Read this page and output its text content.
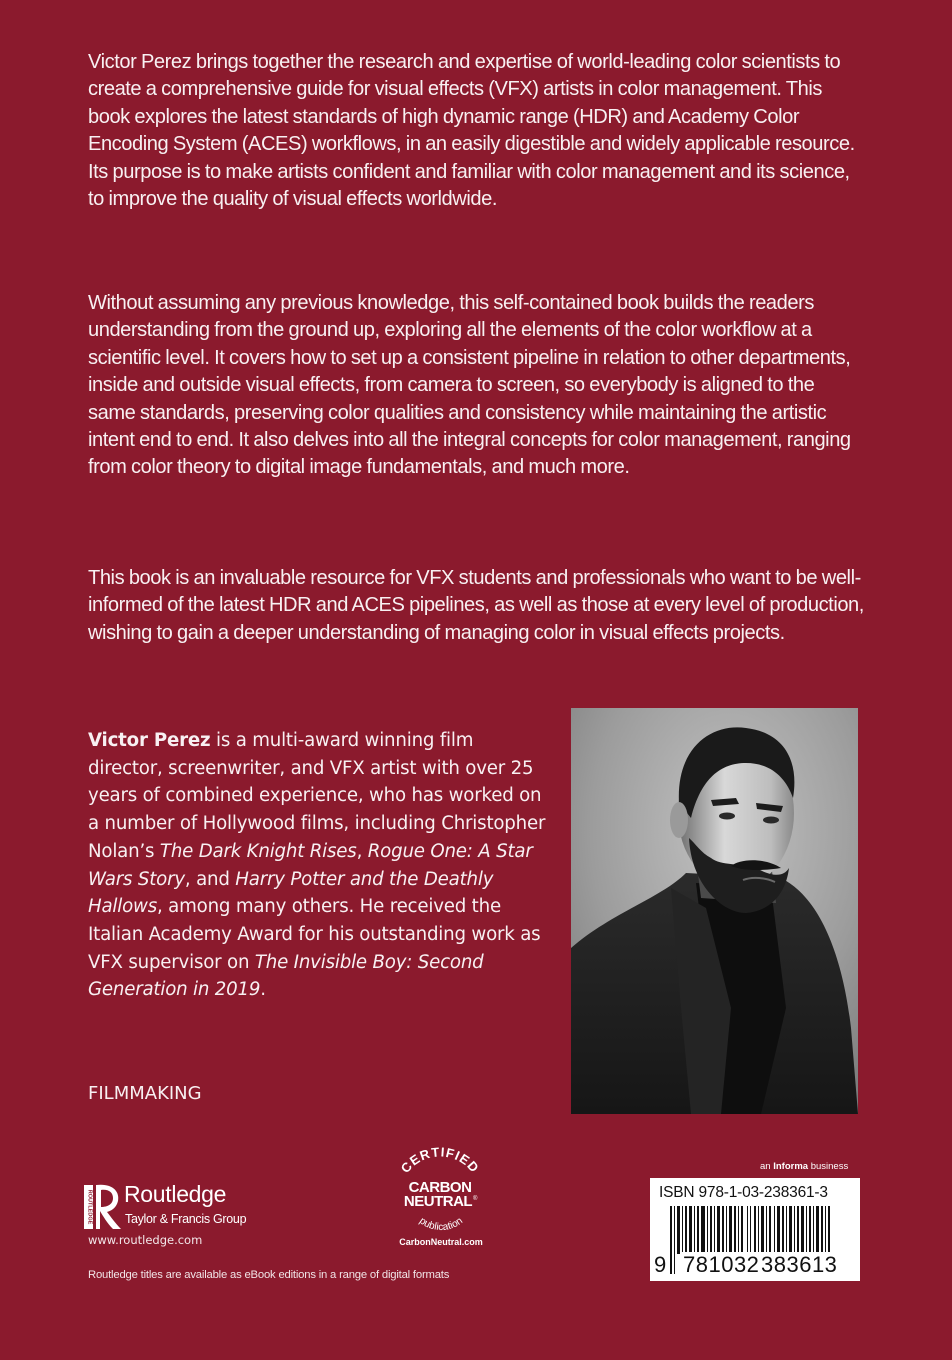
Victor Perez brings together the research and expertise of world-leading color scientists to create a comprehensive guide for visual effects (VFX) artists in color management. This book explores the latest standards of high dynamic range (HDR) and Academy Color Encoding System (ACES) workflows, in an easily digestible and widely applicable resource. Its purpose is to make artists confident and familiar with color management and its science, to improve the quality of visual effects worldwide.

Without assuming any previous knowledge, this self-contained book builds the readers understanding from the ground up, exploring all the elements of the color workflow at a scientific level. It covers how to set up a consistent pipeline in relation to other departments, inside and outside visual effects, from camera to screen, so everybody is aligned to the same standards, preserving color qualities and consistency while maintaining the artistic intent end to end. It also delves into all the integral concepts for color management, ranging from color theory to digital image fundamentals, and much more.

This book is an invaluable resource for VFX students and professionals who want to be well-informed of the latest HDR and ACES pipelines, as well as those at every level of production, wishing to gain a deeper understanding of managing color in visual effects projects.

Victor Perez is a multi-award winning film director, screenwriter, and VFX artist with over 25 years of combined experience, who has worked on a number of Hollywood films, including Christopher Nolan’s The Dark Knight Rises, Rogue One: A Star Wars Story, and Harry Potter and the Deathly Hallows, among many others. He received the Italian Academy Award for his outstanding work as VFX supervisor on The Invisible Boy: Second Generation in 2019.

FILMMAKING
ROUTLEDGE Routledge
Taylor & Francis Group
www.routledge.com
CERTIFIED
CARBON
NEUTRAL ®
publication
CarbonNeutral.com
an Informa business
ISBN 978-1-03-238361-3
9 781032 383613
Routledge titles are available as eBook editions in a range of digital formats
